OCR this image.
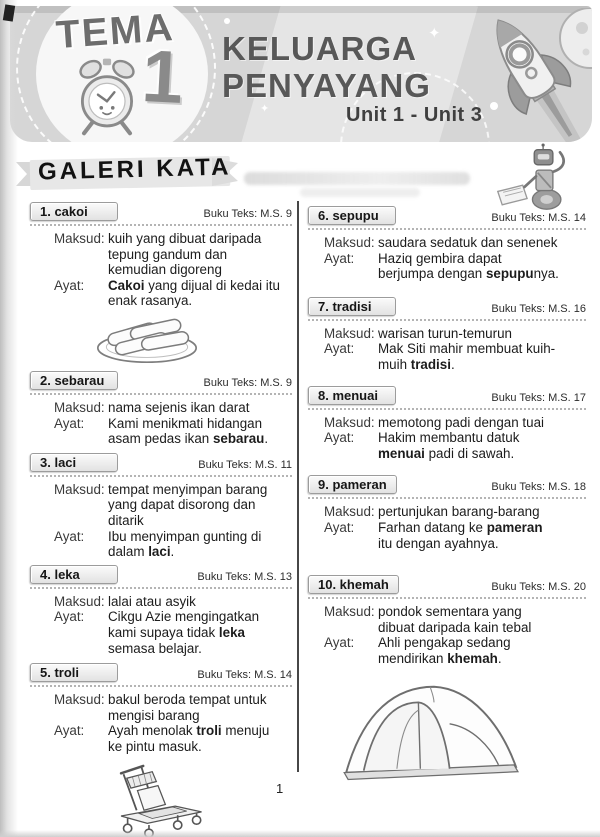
✦
✦
TEMA
1 KELUARGA
PENYAYANG
Unit 1 - Unit 3
GALERI KATA
1. cakoi	Buku Teks: M.S. 9
Maksud: kuih yang dibuat daripada tepung gandum dan kemudian digoreng
Ayat:	Cakoi yang dijual di kedai itu enak rasanya.
2. sebarau	Buku Teks: M.S. 9
Maksud: nama sejenis ikan darat
Ayat:	Kami menikmati hidangan asam pedas ikan sebarau.
3. laci	Buku Teks: M.S. 11
Maksud: tempat menyimpan barang yang dapat disorong dan ditarik
Ayat:	Ibu menyimpan gunting di dalam laci.
4. leka	Buku Teks: M.S. 13
Maksud: lalai atau asyik
Ayat:	Cikgu Azie mengingatkan kami supaya tidak leka semasa belajar.
5. troli	Buku Teks: M.S. 14
Maksud: bakul beroda tempat untuk mengisi barang
Ayat:	Ayah menolak troli menuju ke pintu masuk.
6. sepupu	Buku Teks: M.S. 14
Maksud: saudara sedatuk dan senenek
Ayat:	Haziq gembira dapat berjumpa dengan sepupunya.
7. tradisi	Buku Teks: M.S. 16
Maksud: warisan turun-temurun
Ayat:	Mak Siti mahir membuat kuih-muih tradisi.
8. menuai	Buku Teks: M.S. 17
Maksud: memotong padi dengan tuai
Ayat:	Hakim membantu datuk menuai padi di sawah.
9. pameran	Buku Teks: M.S. 18
Maksud: pertunjukan barang-barang
Ayat:	Farhan datang ke pameran itu dengan ayahnya.
10. khemah	Buku Teks: M.S. 20
Maksud: pondok sementara yang dibuat daripada kain tebal
Ayat:	Ahli pengakap sedang mendirikan khemah.
1
